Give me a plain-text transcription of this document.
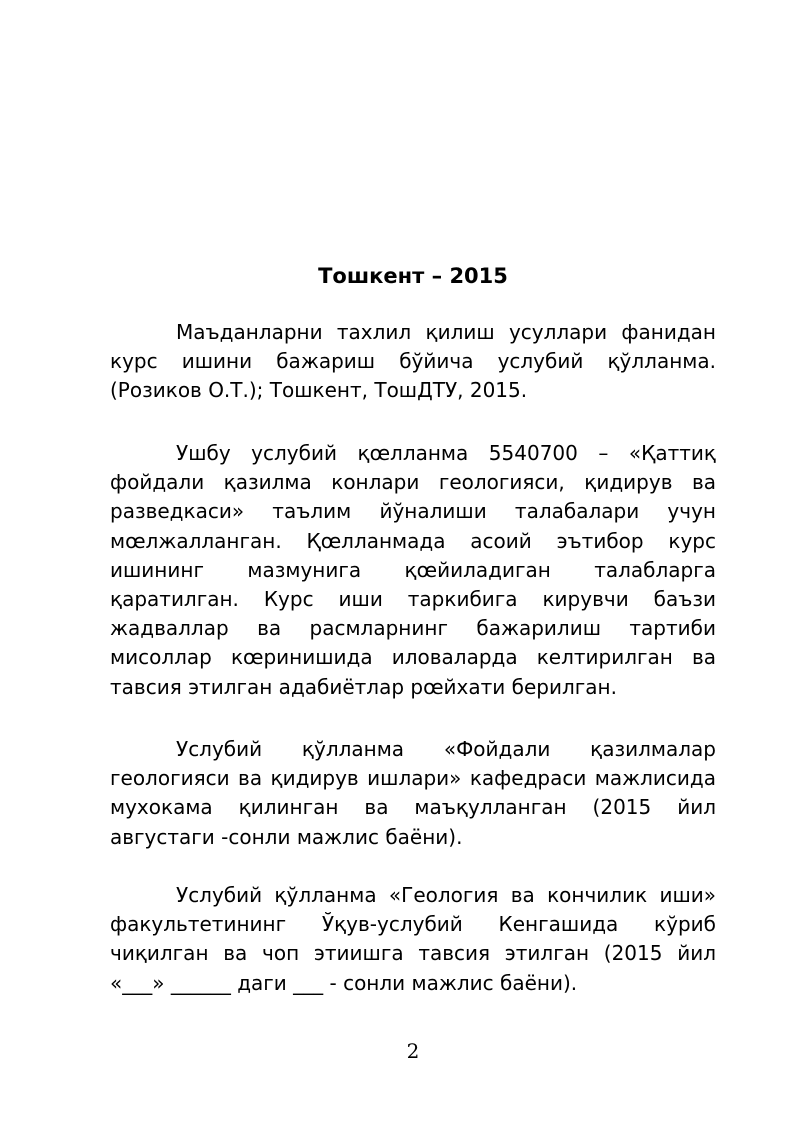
Тошкент – 2015

Маъданларни тахлил қилиш усуллари фанидан курс ишини бажариш бўйича услубий қўлланма. (Розиков О.Т.); Тошкент, ТошДТУ, 2015.

Ушбу услубий қœлланма 5540700 – «Қаттиқ фойдали қазилма конлари геологияси, қидирув ва разведкаси» таълим йўналиши талабалари учун мœлжалланган. Қœлланмада асоий эътибор курс ишининг мазмунига қœйиладиган талабларга қаратилган. Курс иши таркибига кирувчи баъзи жадваллар ва расмларнинг бажарилиш тартиби мисоллар кœринишида иловаларда келтирилган ва тавсия этилган адабиётлар рœйхати берилган.

Услубий қўлланма «Фойдали қазилмалар геологияси ва қидирув ишлари» кафедраси мажлисида мухокама қилинган ва маъқулланган (2015 йил августаги -сонли мажлис баёни).

Услубий қўлланма «Геология ва кончилик иши» факультетининг Ўқув-услубий Кенгашида кўриб чиқилган ва чоп этиишга тавсия этилган (2015 йил «___» ______ даги ___ - сонли мажлис баёни).

2
